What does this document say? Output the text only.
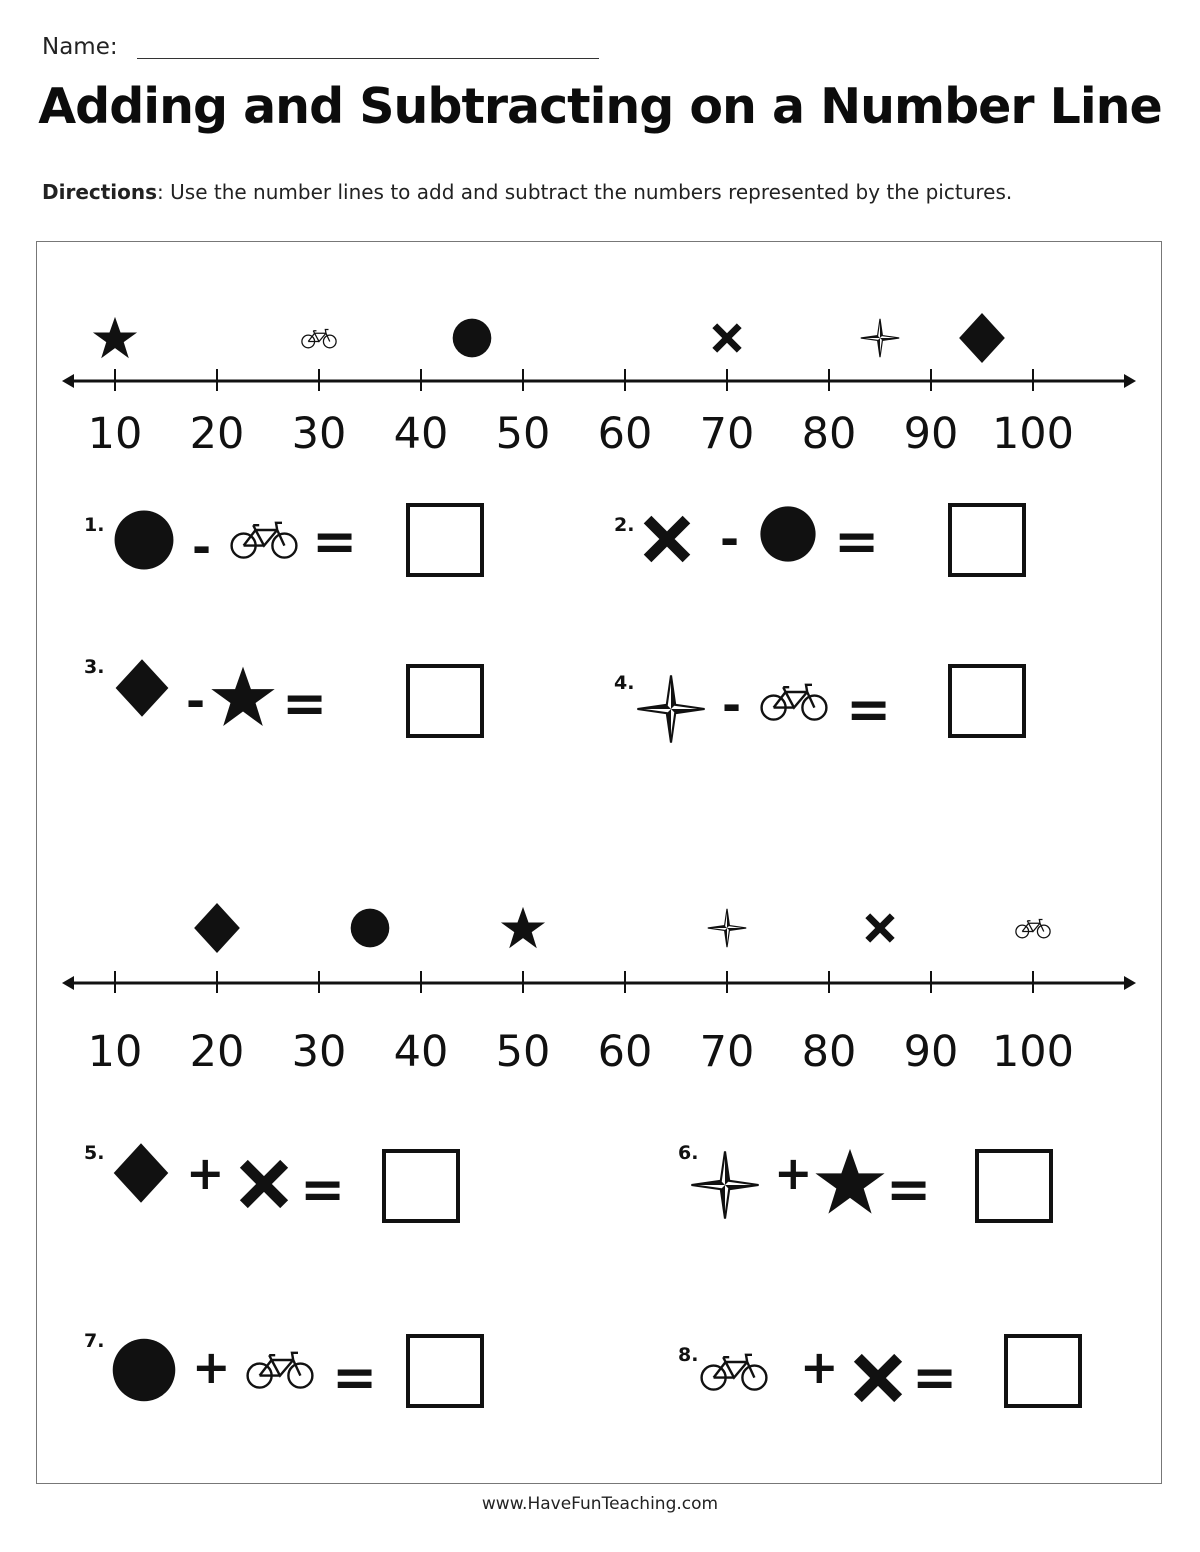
Name:
Adding and Subtracting on a Number Line
Directions: Use the number lines to add and subtract the numbers represented by the pictures.
10 20 30 40 50 60 70 80 90 100
10 20 30 40 50 60 70 80 90 100
1. - =	2. - =
3.
- =	4. - =
5. + =
6. + =
7. + =	8. + =
www.HaveFunTeaching.com
